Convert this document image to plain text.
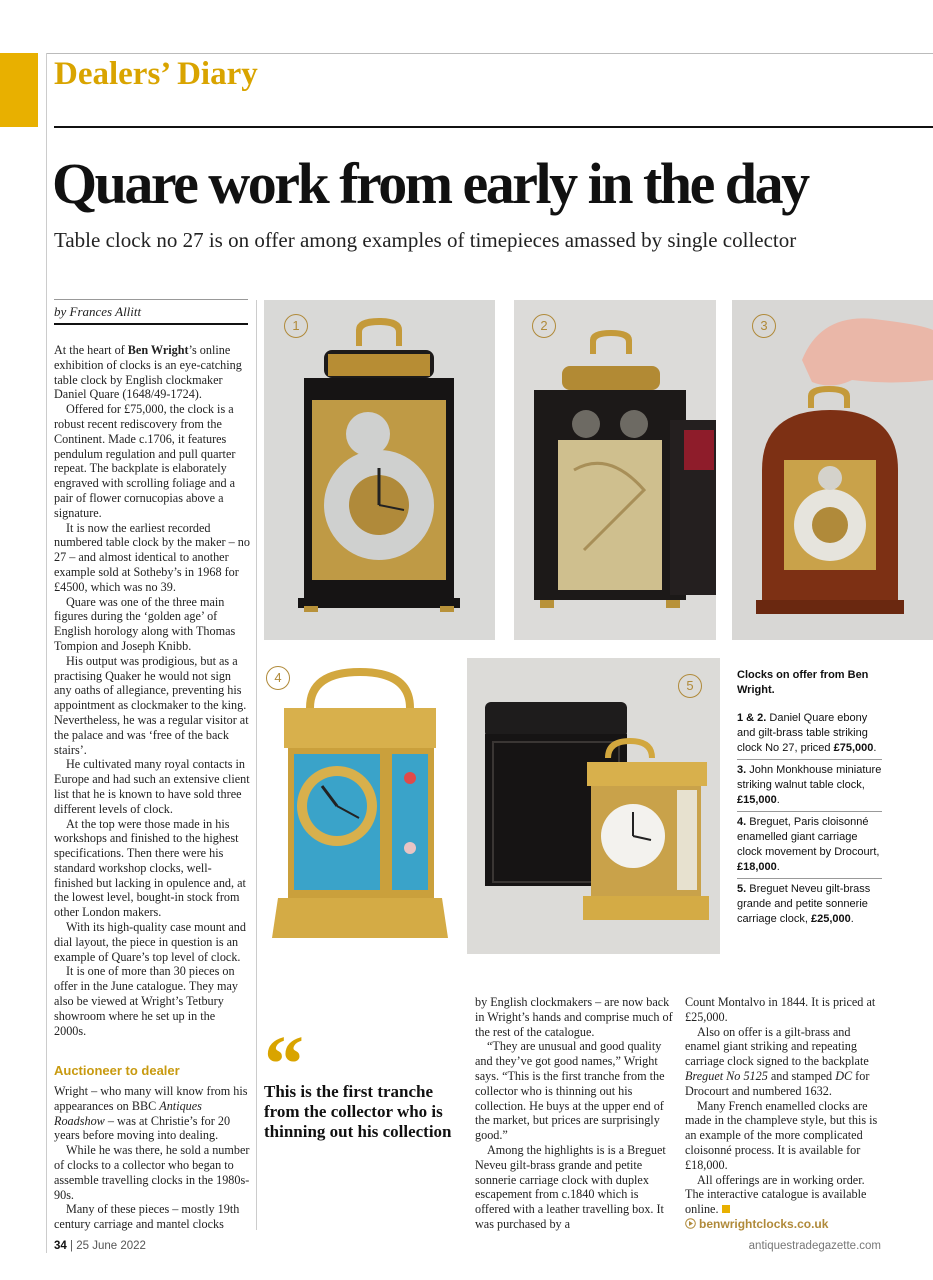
Dealers’ Diary
Quare work from early in the day
Table clock no 27 is on offer among examples of timepieces amassed by single collector
by Frances Allitt

At the heart of Ben Wright’s online exhibition of clocks is an eye-catching table clock by English clockmaker Daniel Quare (1648/49-1724).

Offered for £75,000, the clock is a robust recent rediscovery from the Continent. Made c.1706, it features pendulum regulation and pull quarter repeat. The backplate is elaborately engraved with scrolling foliage and a pair of flower cornucopias above a signature.

It is now the earliest recorded numbered table clock by the maker – no 27 – and almost identical to another example sold at Sotheby’s in 1968 for £4500, which was no 39.

Quare was one of the three main figures during the ‘golden age’ of English horology along with Thomas Tompion and Joseph Knibb.

His output was prodigious, but as a practising Quaker he would not sign any oaths of allegiance, preventing his appointment as clockmaker to the king. Nevertheless, he was a regular visitor at the palace and was ‘free of the back stairs’.

He cultivated many royal contacts in Europe and had such an extensive client list that he is known to have sold three different levels of clock.

At the top were those made in his workshops and finished to the highest specifications. Then there were his standard workshop clocks, well-finished but lacking in opulence and, at the lowest level, bought-in stock from other London makers.

With its high-quality case mount and dial layout, the piece in question is an example of Quare’s top level of clock.

It is one of more than 30 pieces on offer in the June catalogue. They may also be viewed at Wright’s Tetbury showroom where he set up in the 2000s.

Auctioneer to dealer

Wright – who many will know from his appearances on BBC Antiques Roadshow – was at Christie’s for 20 years before moving into dealing.

While he was there, he sold a number of clocks to a collector who began to assemble travelling clocks in the 1980s-90s.

Many of these pieces – mostly 19th century carriage and mantel clocks

1	2	3
4
5
Clocks on offer from Ben Wright.
1 & 2. Daniel Quare ebony and gilt-brass table striking clock No 27, priced £75,000.
3. John Monkhouse miniature striking walnut table clock, £15,000.
4. Breguet, Paris cloisonné enamelled giant carriage clock movement by Drocourt, £18,000.
5. Breguet Neveu gilt-brass grande and petite sonnerie carriage clock, £25,000.
“
This is the first tranche from the collector who is thinning out his collection

by English clockmakers – are now back in Wright’s hands and comprise much of the rest of the catalogue.

“They are unusual and good quality and they’ve got good names,” Wright says. “This is the first tranche from the collector who is thinning out his collection. He buys at the upper end of the market, but prices are surprisingly good.”

Among the highlights is is a Breguet Neveu gilt-brass grande and petite sonnerie carriage clock with duplex escapement from c.1840 which is offered with a leather travelling box. It was purchased by a

Count Montalvo in 1844. It is priced at £25,000.

Also on offer is a gilt-brass and enamel giant striking and repeating carriage clock signed to the backplate Breguet No 5125 and stamped DC for Drocourt and numbered 1632.

Many French enamelled clocks are made in the champleve style, but this is an example of the more complicated cloisonné process. It is available for £18,000.

All offerings are in working order. The interactive catalogue is available online.

benwrightclocks.co.uk

34 | 25 June 2022	antiquestradegazette.com
